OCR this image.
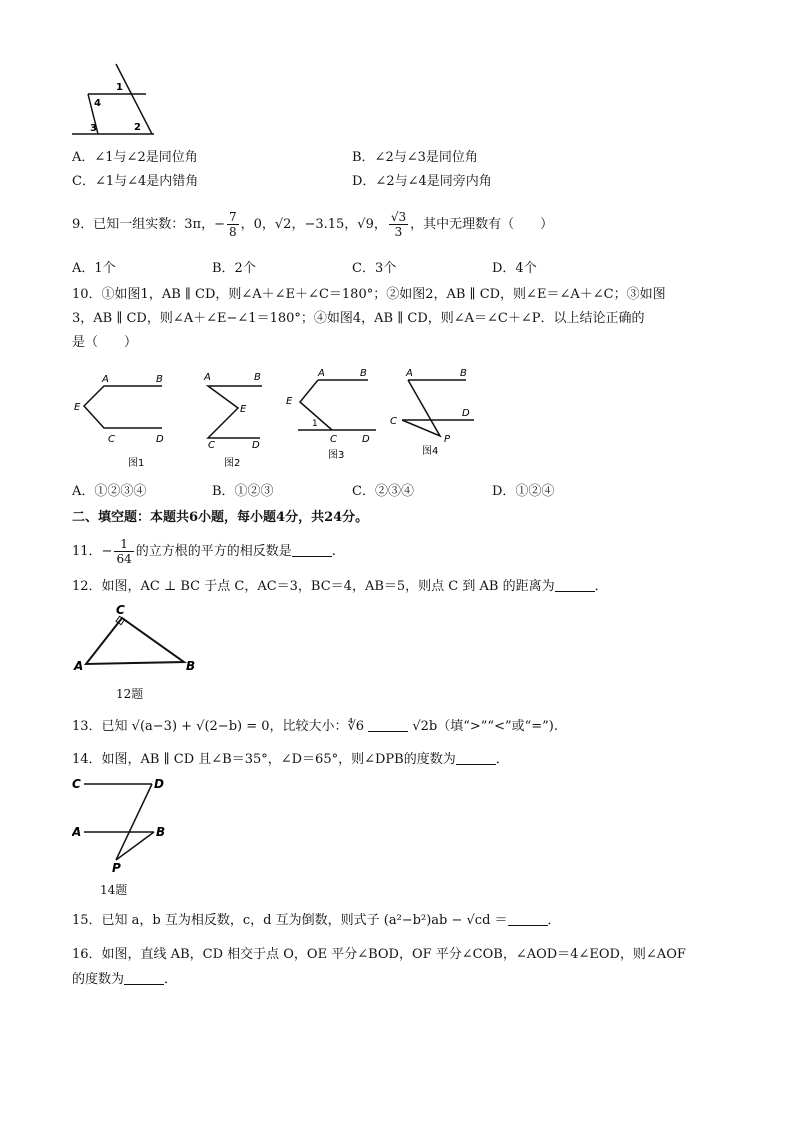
1
4
3	2
A．∠1与∠2是同位角	B．∠2与∠3是同位角
C．∠1与∠4是内错角	D．∠2与∠4是同旁内角
9．已知一组实数：3π，− $\frac{7}{8}$ ，0，√2，−3.15，√9， $\frac{√3}{3}$ ，其中无理数有（　　）
A．1个	B．2个	C．3个	D．4个
10．①如图1，AB ∥ CD，则∠A＋∠E＋∠C＝180°；②如图2，AB ∥ CD，则∠E＝∠A＋∠C；③如图
3，AB ∥ CD，则∠A＋∠E−∠1＝180°；④如图4，AB ∥ CD，则∠A＝∠C＋∠P．以上结论正确的
是（　　）
A	B
E
C	D
图1
A	B
E
C	D
图2
A	B
E
1
C	D
图3
A	B
C
D
P
图4
A．①②③④	B．①②③	C．②③④	D．①②④
二、填空题：本题共6小题，每小题4分，共24分。
11．− $\frac{1}{64}$ 的立方根的平方的相反数是	.
12．如图，AC ⊥ BC 于点 C，AC＝3，BC＝4，AB＝5，则点 C 到 AB 的距离为	．
C
A	B
12题
13．已知 √(a−3) + √(2−b) = 0，比较大小：∜6	√2b（填“>”“<”或“=”).
14．如图，AB ∥ CD 且∠B＝35°，∠D＝65°，则∠DPB的度数为	．
C	D
A	B
P
14题
15．已知 a，b 互为相反数，c，d 互为倒数，则式子 (a²−b²)ab − √cd ＝	．
16．如图，直线 AB，CD 相交于点 O，OE 平分∠BOD，OF 平分∠COB，∠AOD＝4∠EOD，则∠AOF
的度数为	．
